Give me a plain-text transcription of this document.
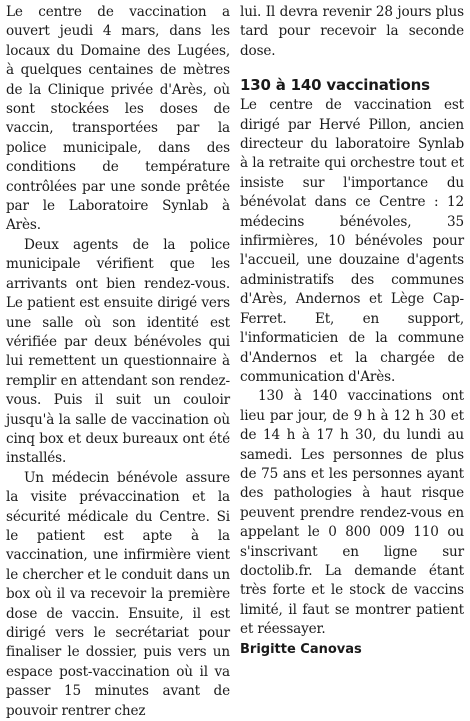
Le centre de vaccination a ouvert jeudi 4 mars, dans les locaux du Domaine des Lugées, à quelques centaines de mètres de la Clinique privée d'Arès, où sont stockées les doses de vaccin, transportées par la police municipale, dans des conditions de température contrôlées par une sonde prêtée par le Laboratoire Synlab à Arès.

Deux agents de la police municipale vérifient que les arrivants ont bien rendez-vous. Le patient est ensuite dirigé vers une salle où son identité est vérifiée par deux bénévoles qui lui remettent un questionnaire à remplir en attendant son rendez-vous. Puis il suit un couloir jusqu'à la salle de vaccination où cinq box et deux bureaux ont été installés.

Un médecin bénévole assure la visite prévaccination et la sécurité médicale du Centre. Si le patient est apte à la vaccination, une infirmière vient le chercher et le conduit dans un box où il va recevoir la première dose de vaccin. Ensuite, il est dirigé vers le secrétariat pour finaliser le dossier, puis vers un espace post-vaccination où il va passer 15 minutes avant de pouvoir rentrer chez

lui. Il devra revenir 28 jours plus tard pour recevoir la seconde dose.

130 à 140 vaccinations

Le centre de vaccination est dirigé par Hervé Pillon, ancien directeur du laboratoire Synlab à la retraite qui orchestre tout et insiste sur l'importance du bénévolat dans ce Centre : 12 médecins bénévoles, 35 infirmières, 10 bénévoles pour l'accueil, une douzaine d'agents administratifs des communes d'Arès, Andernos et Lège Cap-Ferret. Et, en support, l'informaticien de la commune d'Andernos et la chargée de communication d'Arès.

130 à 140 vaccinations ont lieu par jour, de 9 h à 12 h 30 et de 14 h à 17 h 30, du lundi au samedi. Les personnes de plus de 75 ans et les personnes ayant des pathologies à haut risque peuvent prendre rendez-vous en appelant le 0 800 009 110 ou s'inscrivant en ligne sur doctolib.fr. La demande étant très forte et le stock de vaccins limité, il faut se montrer patient et réessayer.

Brigitte Canovas
